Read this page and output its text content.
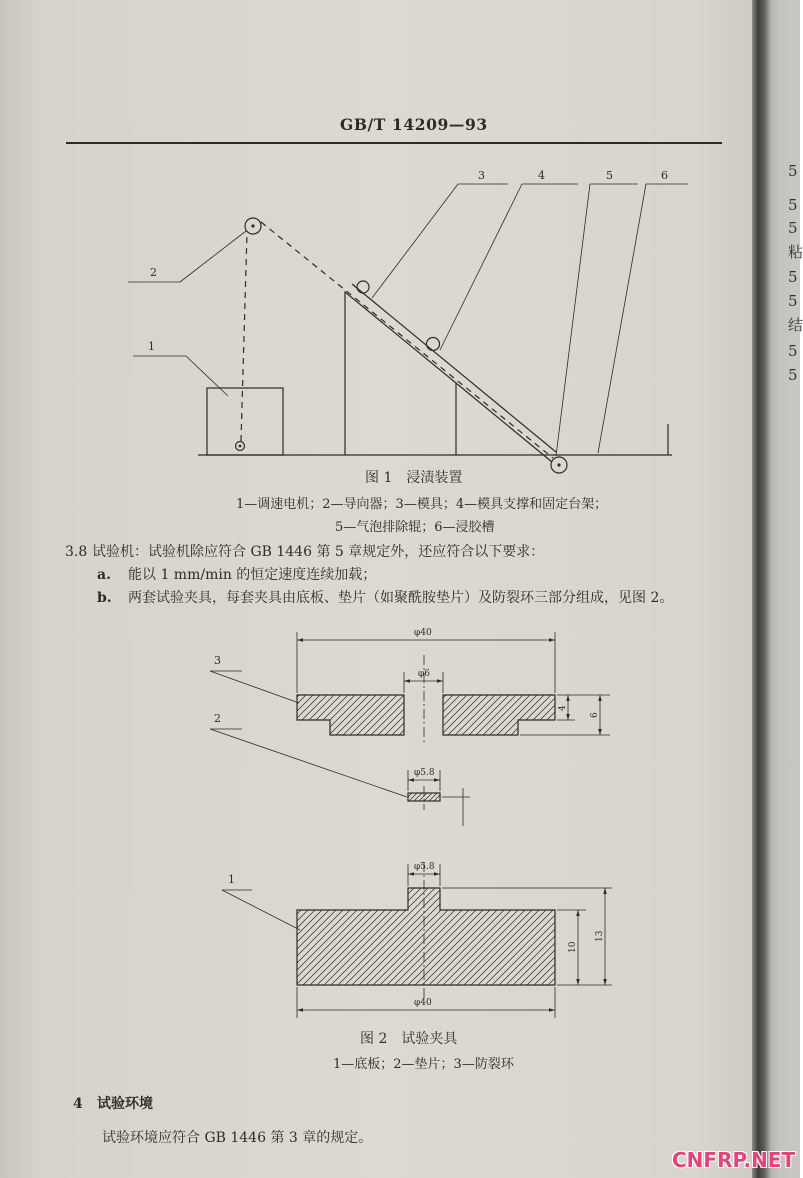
GB/T 14209—93
1
2
3	4	5	6
图 1 浸渍装置
1—调速电机；2—导向器；3—模具；4—模具支撑和固定台架；
5—气泡排除辊；6—浸胶槽
3.8 试验机：试验机除应符合 GB 1446 第 5 章规定外，还应符合以下要求：
a. 能以 1 mm/min 的恒定速度连续加载；
b. 两套试验夹具，每套夹具由底板、垫片（如聚酰胺垫片）及防裂环三部分组成，见图 2。
3
2
1
φ40
φ6
4
6
φ5.8
φ5.8
10
13
φ40
图 2 试验夹具
1—底板；2—垫片；3—防裂环
4 试验环境
试验环境应符合 GB 1446 第 3 章的规定。
5
5
5
粘
5
5
结
5
5
CNFRP.NET
